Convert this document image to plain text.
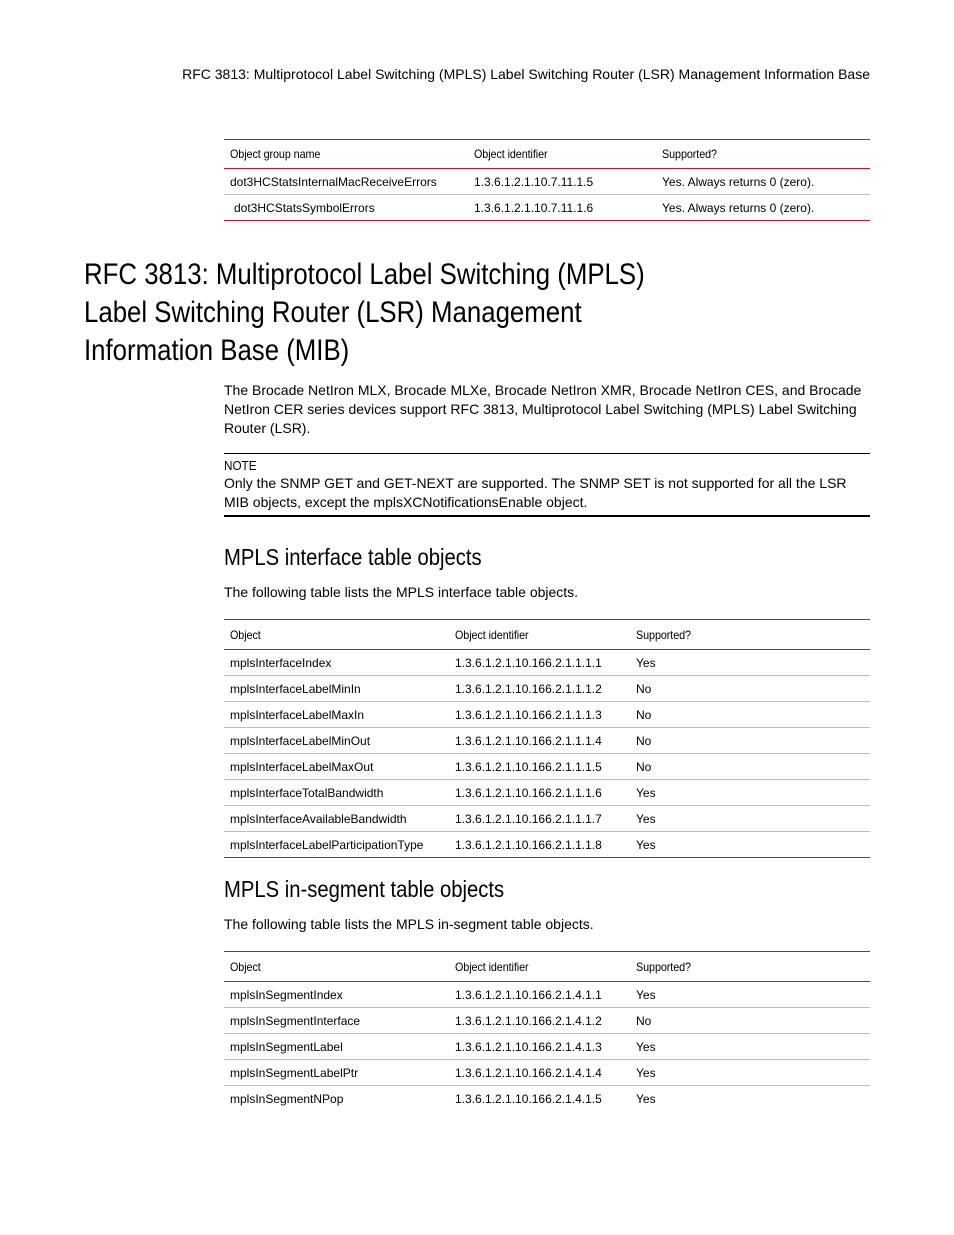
RFC 3813: Multiprotocol Label Switching (MPLS) Label Switching Router (LSR) Management Information Base
Object group name	Object identifier	Supported?
dot3HCStatsInternalMacReceiveErrors	1.3.6.1.2.1.10.7.11.1.5	Yes. Always returns 0 (zero).
dot3HCStatsSymbolErrors	1.3.6.1.2.1.10.7.11.1.6	Yes. Always returns 0 (zero).
RFC 3813: Multiprotocol Label Switching (MPLS)
Label Switching Router (LSR) Management
Information Base (MIB)

The Brocade NetIron MLX, Brocade MLXe, Brocade NetIron XMR, Brocade NetIron CES, and Brocade NetIron CER series devices support RFC 3813, Multiprotocol Label Switching (MPLS) Label Switching Router (LSR).

NOTE
Only the SNMP GET and GET-NEXT are supported. The SNMP SET is not supported for all the LSR MIB objects, except the mplsXCNotificationsEnable object.
MPLS interface table objects

The following table lists the MPLS interface table objects.

Object	Object identifier	Supported?
mplsInterfaceIndex	1.3.6.1.2.1.10.166.2.1.1.1.1	Yes
mplsInterfaceLabelMinIn	1.3.6.1.2.1.10.166.2.1.1.1.2	No
mplsInterfaceLabelMaxIn	1.3.6.1.2.1.10.166.2.1.1.1.3	No
mplsInterfaceLabelMinOut	1.3.6.1.2.1.10.166.2.1.1.1.4	No
mplsInterfaceLabelMaxOut	1.3.6.1.2.1.10.166.2.1.1.1.5	No
mplsInterfaceTotalBandwidth	1.3.6.1.2.1.10.166.2.1.1.1.6	Yes
mplsInterfaceAvailableBandwidth	1.3.6.1.2.1.10.166.2.1.1.1.7	Yes
mplsInterfaceLabelParticipationType	1.3.6.1.2.1.10.166.2.1.1.1.8	Yes
MPLS in-segment table objects

The following table lists the MPLS in-segment table objects.

Object	Object identifier	Supported?
mplsInSegmentIndex	1.3.6.1.2.1.10.166.2.1.4.1.1	Yes
mplsInSegmentInterface	1.3.6.1.2.1.10.166.2.1.4.1.2	No
mplsInSegmentLabel	1.3.6.1.2.1.10.166.2.1.4.1.3	Yes
mplsInSegmentLabelPtr	1.3.6.1.2.1.10.166.2.1.4.1.4	Yes
mplsInSegmentNPop	1.3.6.1.2.1.10.166.2.1.4.1.5	Yes
